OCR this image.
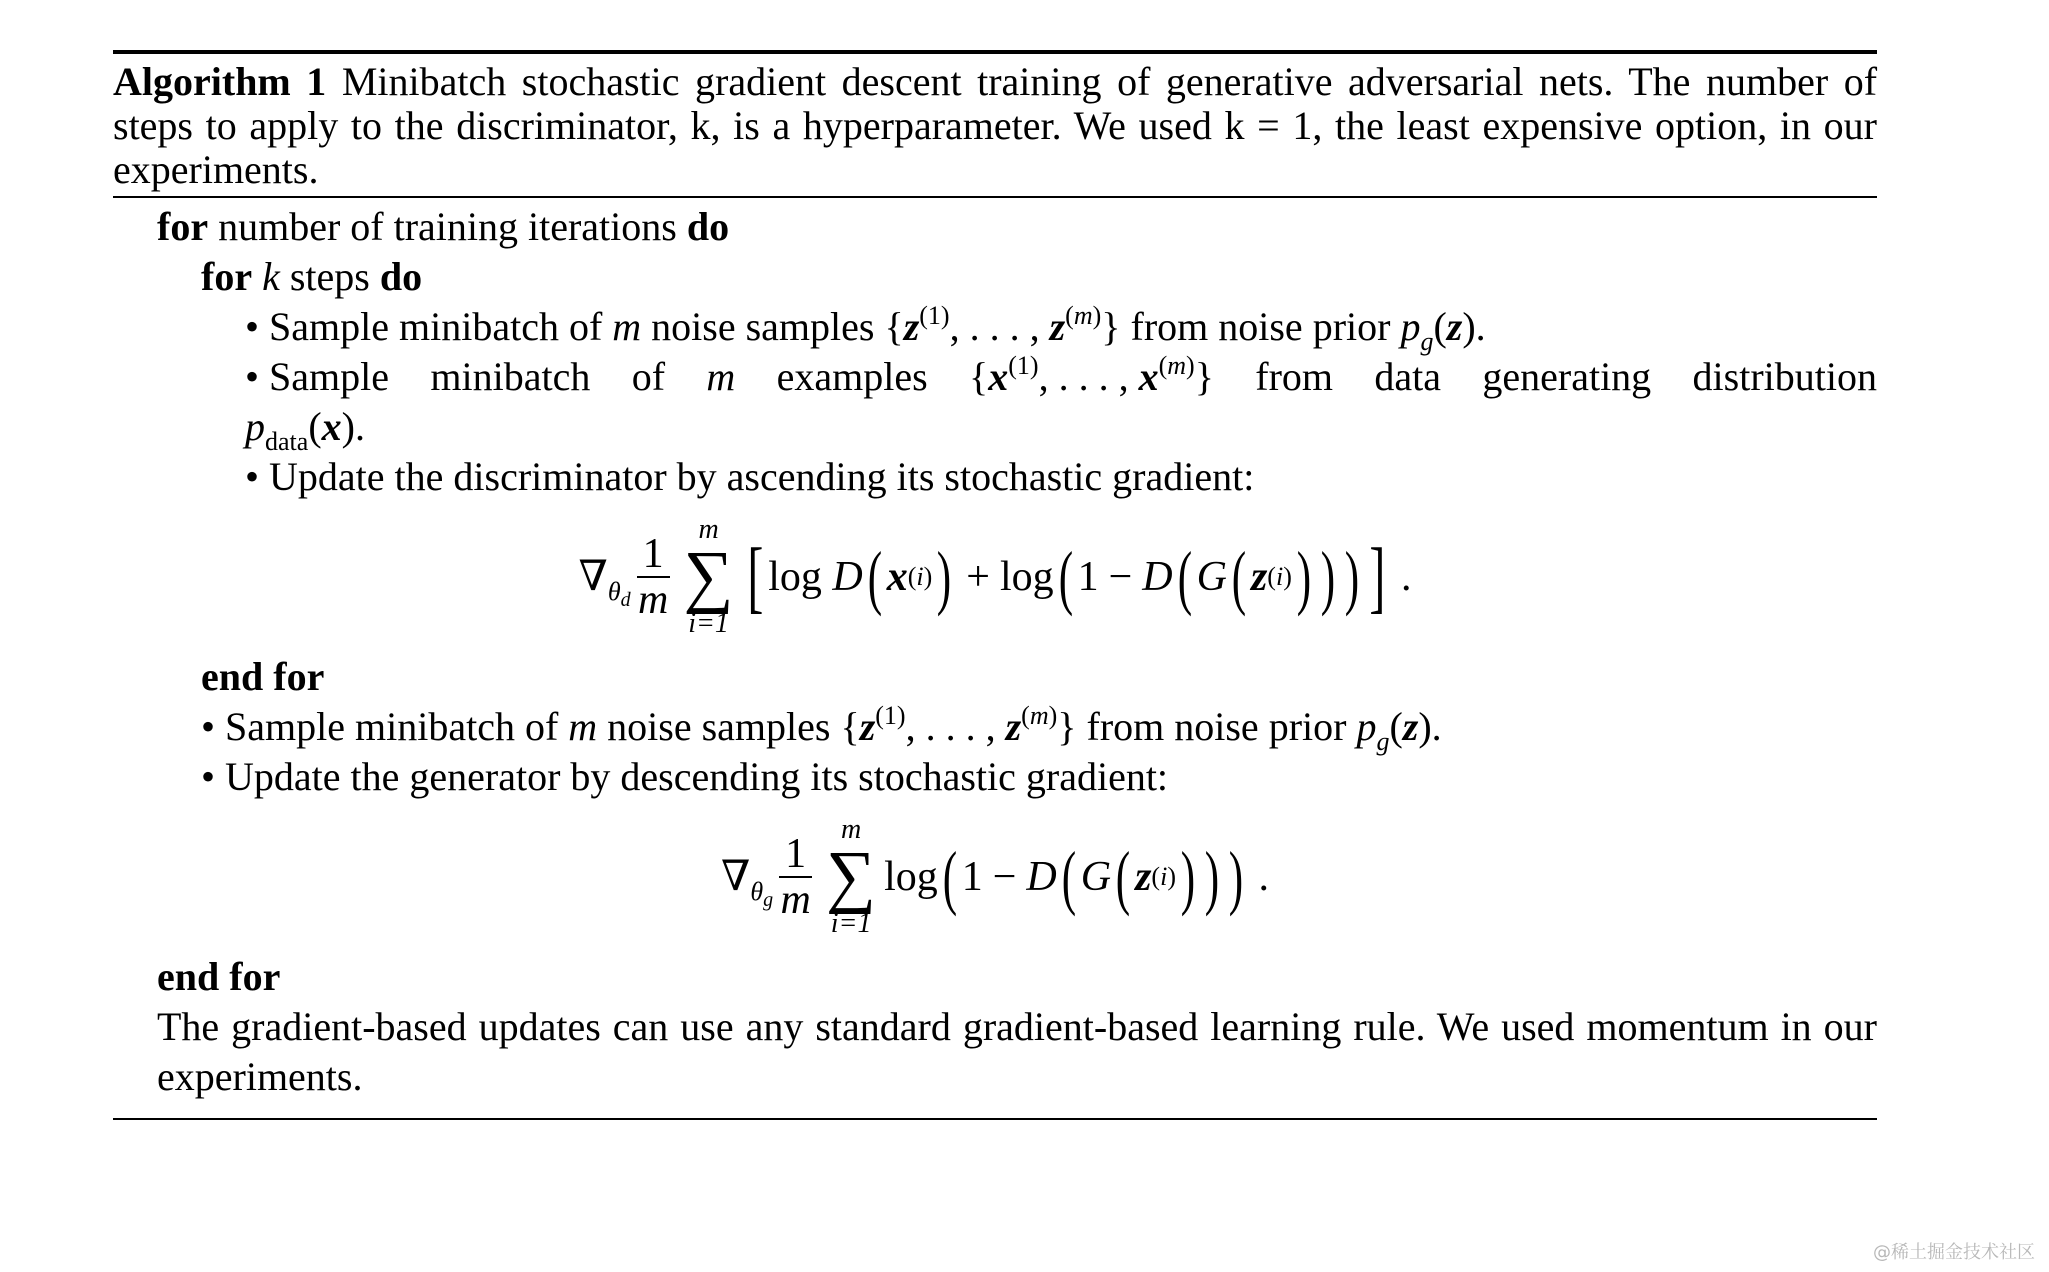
Algorithm 1 Minibatch stochastic gradient descent training of generative adversarial nets. The number of steps to apply to the discriminator, k, is a hyperparameter. We used k = 1, the least expensive option, in our experiments.
for number of training iterations do
for k steps do
• Sample minibatch of m noise samples {$z^{(1)}$, . . . , $z^{(m)}$} from noise prior $p_g(z)$.
• Sample minibatch of m examples {$x^{(1)}$, . . . , $x^{(m)}$} from data generating distribution
$p_{data}(x)$.
• Update the discriminator by ascending its stochastic gradient:
$\nabla_{\theta_d} \frac{1}{m}$
m
∑
i=1
[ log D ( x (i) ) + log ( 1 − D ( G ( z (i) ) ) ) ] .
end for
• Sample minibatch of m noise samples {$z^{(1)}$, . . . , $z^{(m)}$} from noise prior $p_g(z)$.
• Update the generator by descending its stochastic gradient:
$\nabla_{\theta_g} \frac{1}{m}$
m
∑
i=1
log ( 1 − D ( G ( z (i) ) ) ) .
end for
The gradient-based updates can use any standard gradient-based learning rule. We used momentum in our experiments.
@稀土掘金技术社区
